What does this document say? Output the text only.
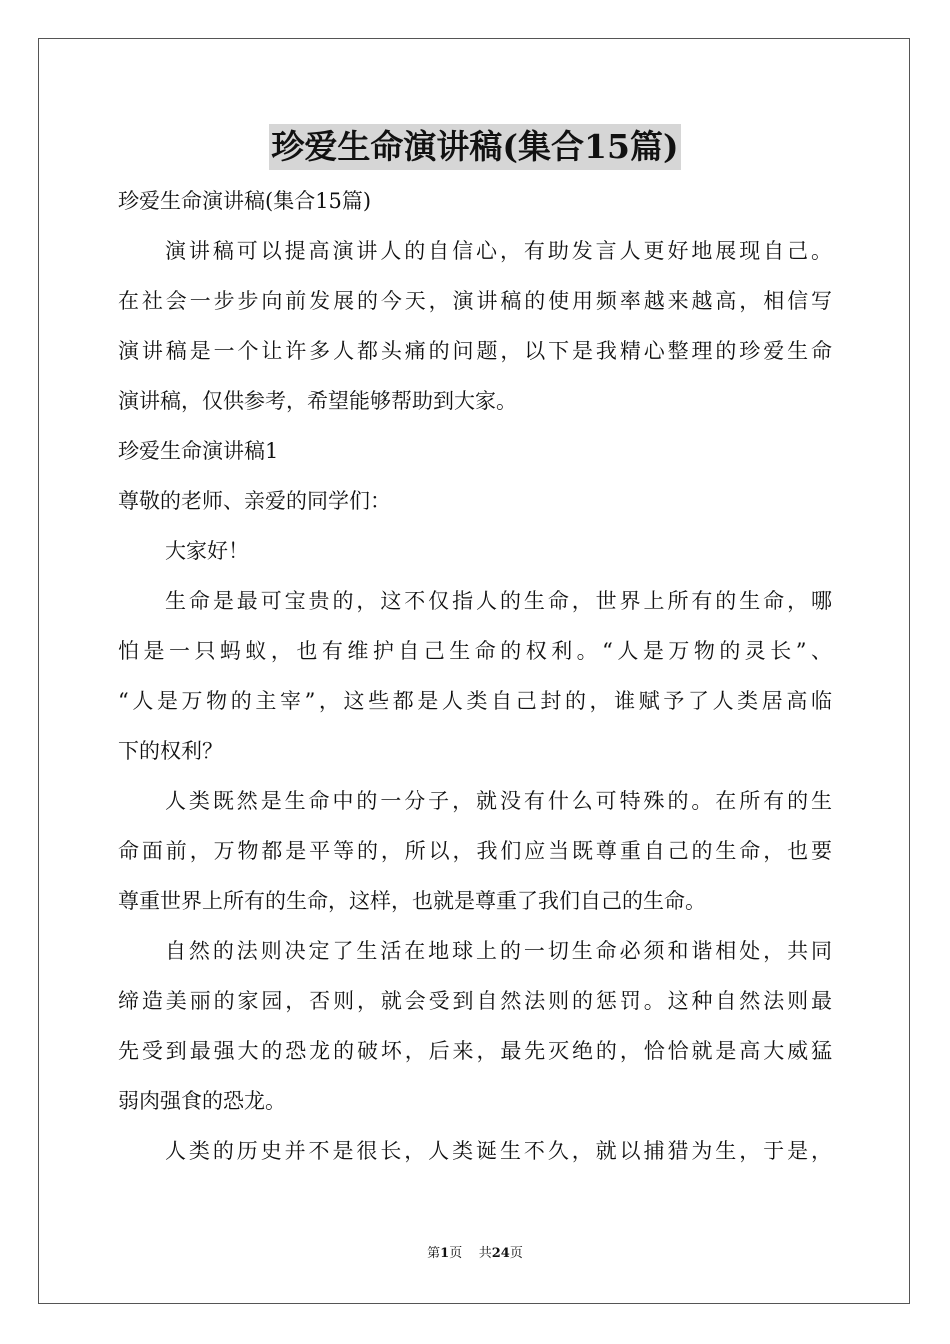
珍爱生命演讲稿(集合15篇)
珍爱生命演讲稿(集合15篇)
演讲稿可以提高演讲人的自信心，有助发言人更好地展现自己。
在社会一步步向前发展的今天，演讲稿的使用频率越来越高，相信写
演讲稿是一个让许多人都头痛的问题，以下是我精心整理的珍爱生命
演讲稿，仅供参考，希望能够帮助到大家。
珍爱生命演讲稿1
尊敬的老师、亲爱的同学们：
大家好！
生命是最可宝贵的，这不仅指人的生命，世界上所有的生命，哪
怕是一只蚂蚁，也有维护自己生命的权利。“人是万物的灵长”、
“人是万物的主宰”，这些都是人类自己封的，谁赋予了人类居高临
下的权利？
人类既然是生命中的一分子，就没有什么可特殊的。在所有的生
命面前，万物都是平等的，所以，我们应当既尊重自己的生命，也要
尊重世界上所有的生命，这样，也就是尊重了我们自己的生命。
自然的法则决定了生活在地球上的一切生命必须和谐相处，共同
缔造美丽的家园，否则，就会受到自然法则的惩罚。这种自然法则最
先受到最强大的恐龙的破坏，后来，最先灭绝的，恰恰就是高大威猛
弱肉强食的恐龙。
人类的历史并不是很长，人类诞生不久，就以捕猎为生，于是，
第1页 共24页
